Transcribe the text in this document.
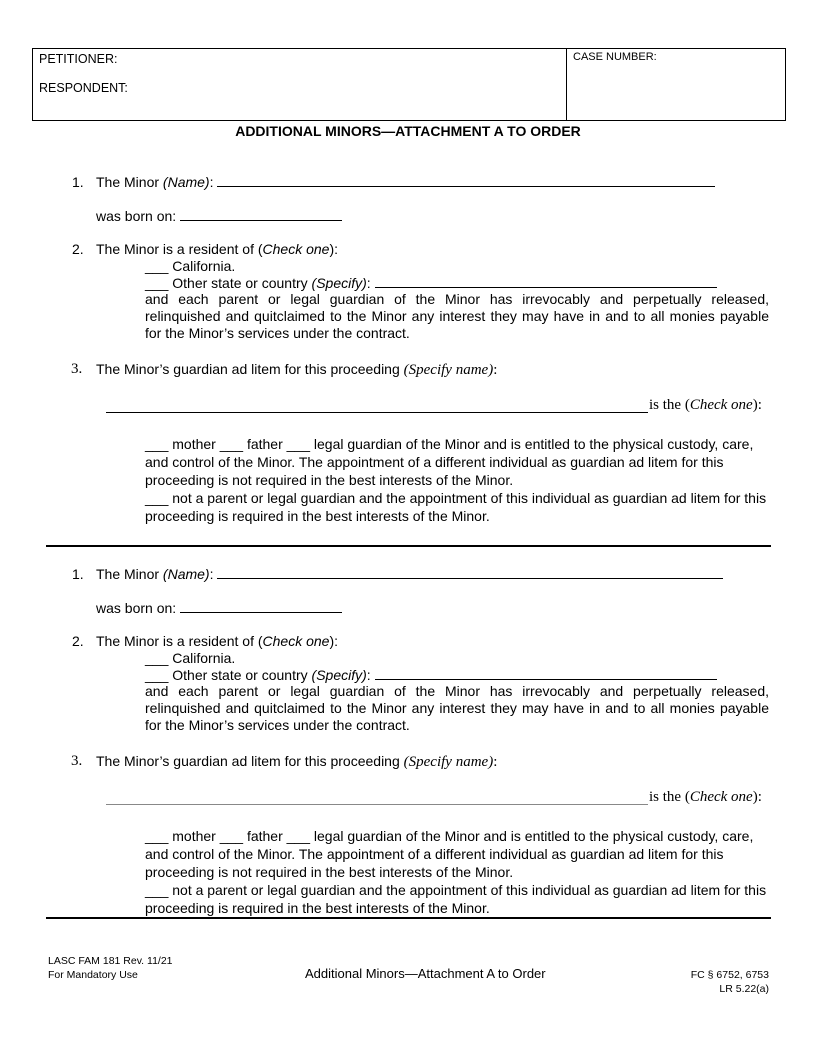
PETITIONER:
RESPONDENT:
CASE NUMBER:
ADDITIONAL MINORS—ATTACHMENT A TO ORDER
1. The Minor (Name):
was born on:
2. The Minor is a resident of (Check one):
___ California.
___ Other state or country (Specify):
and each parent or legal guardian of the Minor has irrevocably and perpetually released,
relinquished and quitclaimed to the Minor any interest they may have in and to all monies payable for the Minor’s services under the contract.
3. The Minor’s guardian ad litem for this proceeding (Specify name):
is the (Check one):
___ mother ___ father ___ legal guardian of the Minor and is entitled to the physical custody, care, and control of the Minor. The appointment of a different individual as guardian ad litem for this proceeding is not required in the best interests of the Minor.
___ not a parent or legal guardian and the appointment of this individual as guardian ad litem for this proceeding is required in the best interests of the Minor.
1. The Minor (Name):
was born on:
2. The Minor is a resident of (Check one):
___ California.
___ Other state or country (Specify):
and each parent or legal guardian of the Minor has irrevocably and perpetually released,
relinquished and quitclaimed to the Minor any interest they may have in and to all monies payable for the Minor’s services under the contract.
3. The Minor’s guardian ad litem for this proceeding (Specify name):
is the (Check one):
___ mother ___ father ___ legal guardian of the Minor and is entitled to the physical custody, care, and control of the Minor. The appointment of a different individual as guardian ad litem for this proceeding is not required in the best interests of the Minor.
___ not a parent or legal guardian and the appointment of this individual as guardian ad litem for this proceeding is required in the best interests of the Minor.
LASC FAM 181 Rev. 11/21
For Mandatory Use	Additional Minors—Attachment A to Order	FC § 6752, 6753
LR 5.22(a)
